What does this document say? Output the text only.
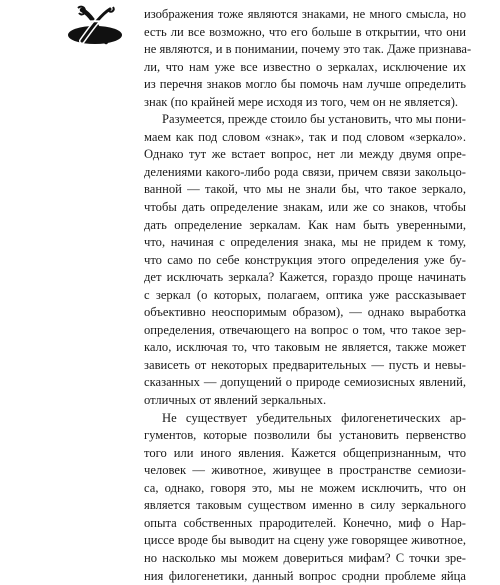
изображения тоже являются знаками, не много смысла, но
есть ли все возможно, что его больше в открытии, что они
не являются, и в понимании, почему это так. Даже признава-
ли, что нам уже все известно о зеркалах, исключение их
из перечня знаков могло бы помочь нам лучше определить
знак (по крайней мере исходя из того, чем он не является).
Разумеется, прежде стоило бы установить, что мы пони-
маем как под словом «знак», так и под словом «зеркало».
Однако тут же встает вопрос, нет ли между двумя опре-
делениями какого-либо рода связи, причем связи закольцо-
ванной — такой, что мы не знали бы, что такое зеркало,
чтобы дать определение знакам, или же со знаков, чтобы
дать определение зеркалам. Как нам быть уверенными,
что, начиная с определения знака, мы не придем к тому,
что само по себе конструкция этого определения уже бу-
дет исключать зеркала? Кажется, гораздо проще начинать
с зеркал (о которых, полагаем, оптика уже рассказывает
объективно неоспоримым образом), — однако выработка
определения, отвечающего на вопрос о том, что такое зер-
кало, исключая то, что таковым не является, также может
зависеть от некоторых предварительных — пусть и невы-
сказанных — допущений о природе семиозисных явлений,
отличных от явлений зеркальных.
Не существует убедительных филогенетических ар-
гументов, которые позволили бы установить первенство
того или иного явления. Кажется общепризнанным, что
человек — животное, живущее в пространстве семиози-
са, однако, говоря это, мы не можем исключить, что он
является таковым существом именно в силу зеркального
опыта собственных прародителей. Конечно, миф о Нар-
циссе вроде бы выводит на сцену уже говорящее животное,
но насколько мы можем довериться мифам? С точки зре-
ния филогенетики, данный вопрос сродни проблеме яйца
